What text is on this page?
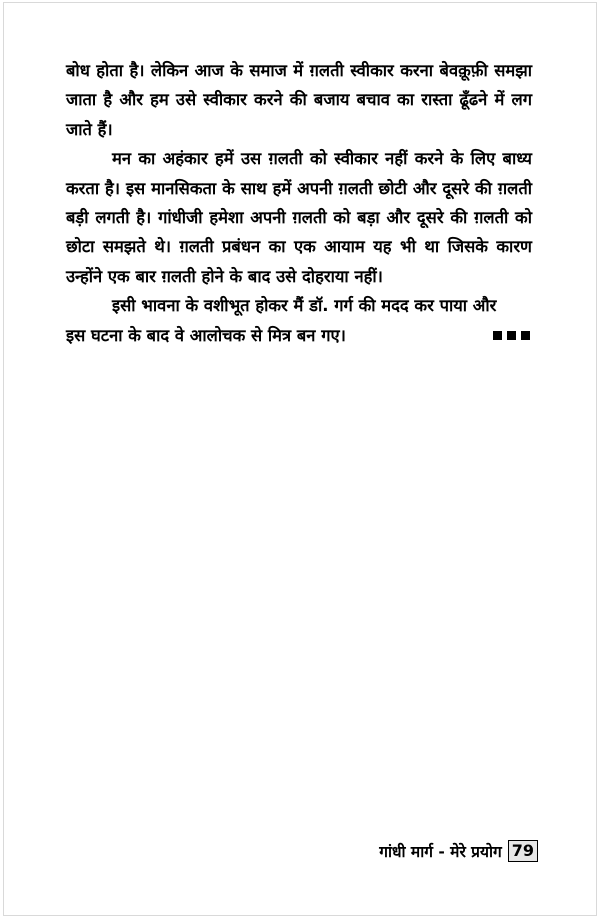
बोध होता है। लेकिन आज के समाज में ग़लती स्वीकार करना बेवक़ूफ़ी समझा जाता है और हम उसे स्वीकार करने की बजाय बचाव का रास्ता ढूँढने में लग जाते हैं।

मन का अहंकार हमें उस ग़लती को स्वीकार नहीं करने के लिए बाध्य करता है। इस मानसिकता के साथ हमें अपनी ग़लती छोटी और दूसरे की ग़लती बड़ी लगती है। गांधीजी हमेशा अपनी ग़लती को बड़ा और दूसरे की ग़लती को छोटा समझते थे। ग़लती प्रबंधन का एक आयाम यह भी था जिसके कारण उन्होंने एक बार ग़लती होने के बाद उसे दोहराया नहीं।

इसी भावना के वशीभूत होकर मैं डॉ. गर्ग की मदद कर पाया और

इस घटना के बाद वे आलोचक से मित्र बन गए।
गांधी मार्ग - मेरे प्रयोग 79
